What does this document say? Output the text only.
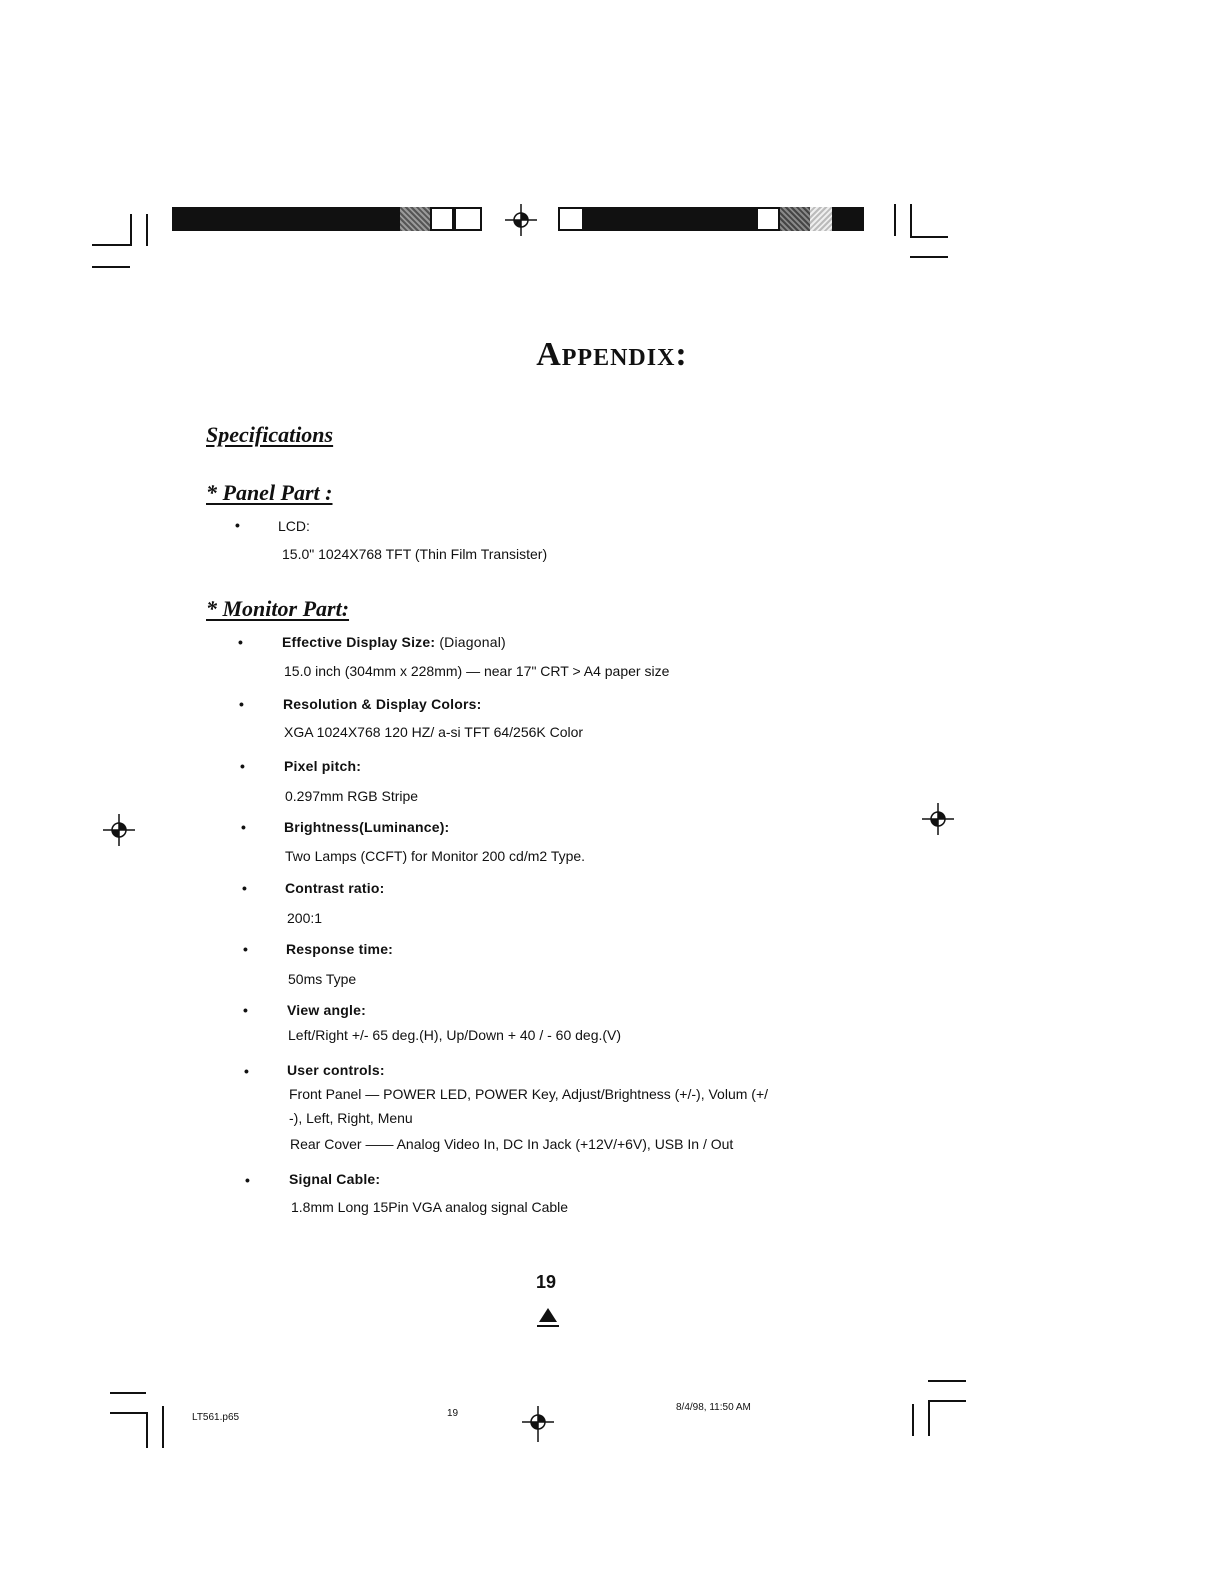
Appendix:
Specifications
* Panel Part :
•	LCD:
15.0" 1024X768 TFT (Thin Film Transister)
* Monitor Part:
•	Effective Display Size: (Diagonal)
15.0 inch (304mm x 228mm) — near 17" CRT > A4 paper size
•	Resolution & Display Colors:
XGA 1024X768 120 HZ/ a-si TFT 64/256K Color
•	Pixel pitch:
0.297mm RGB Stripe
•	Brightness(Luminance):
Two Lamps (CCFT) for Monitor 200 cd/m2 Type.
•	Contrast ratio:
200:1
•	Response time:
50ms Type
•	View angle:
Left/Right +/- 65 deg.(H), Up/Down + 40 / - 60 deg.(V)
•	User controls:
Front Panel — POWER LED, POWER Key, Adjust/Brightness (+/-), Volum (+/
-), Left, Right, Menu
Rear Cover —— Analog Video In, DC In Jack (+12V/+6V), USB In / Out
•	Signal Cable:
1.8mm Long 15Pin VGA analog signal Cable
19
LT561.p65	19
8/4/98, 11:50 AM
